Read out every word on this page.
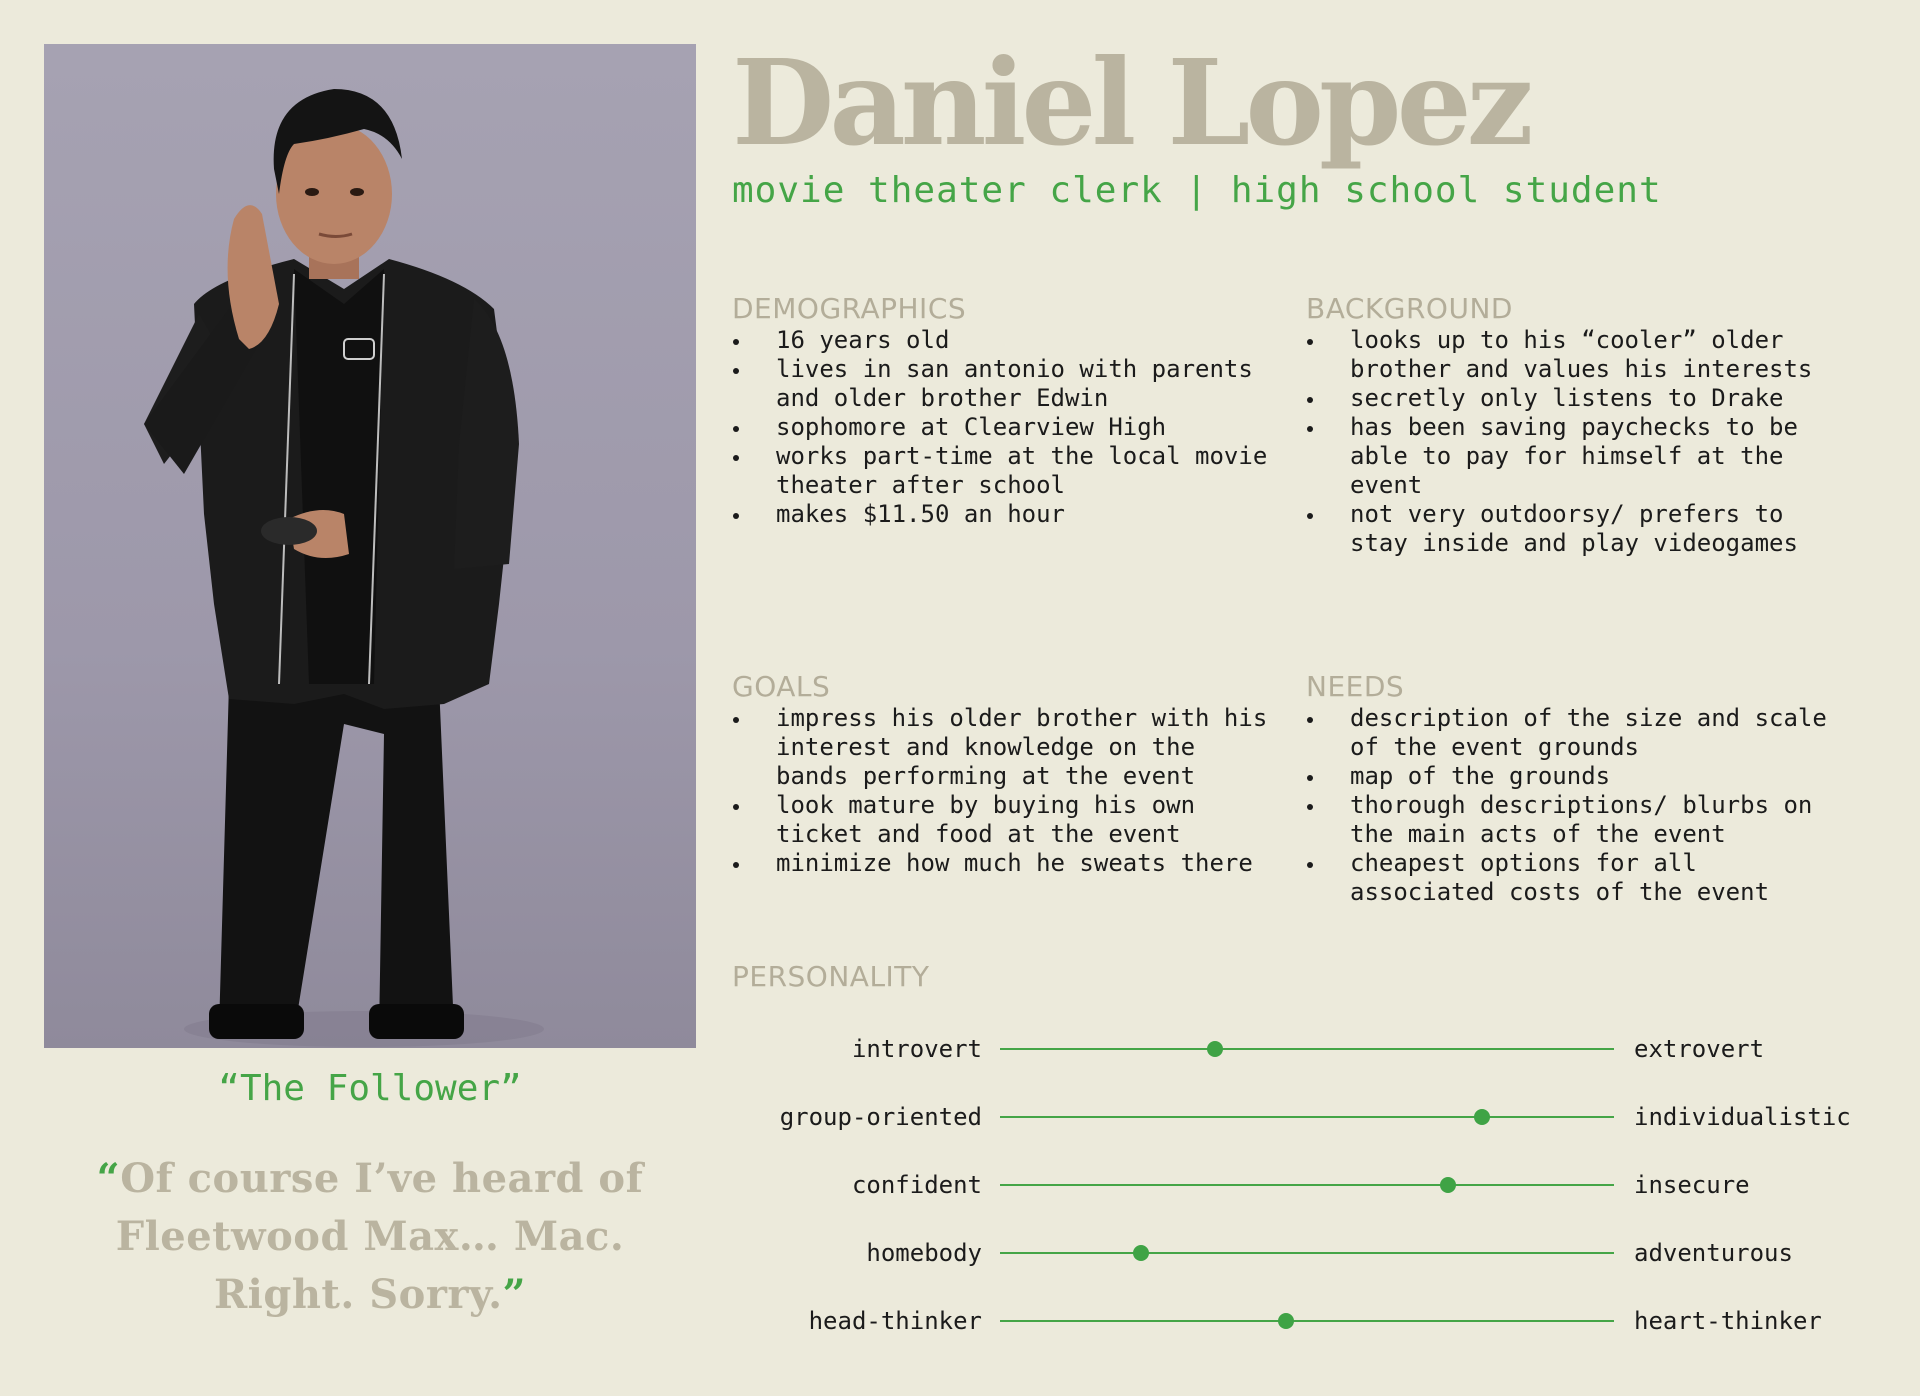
Daniel Lopez
movie theater clerk | high school student
DEMOGRAPHICS
16 years old
lives in san antonio with parents and older brother Edwin
sophomore at Clearview High
works part-time at the local movie theater after school
makes $11.50 an hour
BACKGROUND
looks up to his “cooler” older brother and values his interests
secretly only listens to Drake
has been saving paychecks to be able to pay for himself at the event
not very outdoorsy/ prefers to stay inside and play videogames
GOALS
impress his older brother with his interest and knowledge on the bands performing at the event
look mature by buying his own ticket and food at the event
minimize how much he sweats there
NEEDS
description of the size and scale of the event grounds
map of the grounds
thorough descriptions/ blurbs on the main acts of the event
cheapest options for all associated costs of the event
PERSONALITY
introvert	extrovert
group-oriented	individualistic
confident	insecure
homebody	adventurous
head-thinker	heart-thinker
“The Follower”
“Of course I’ve heard of Fleetwood Max… Mac. Right. Sorry.”
